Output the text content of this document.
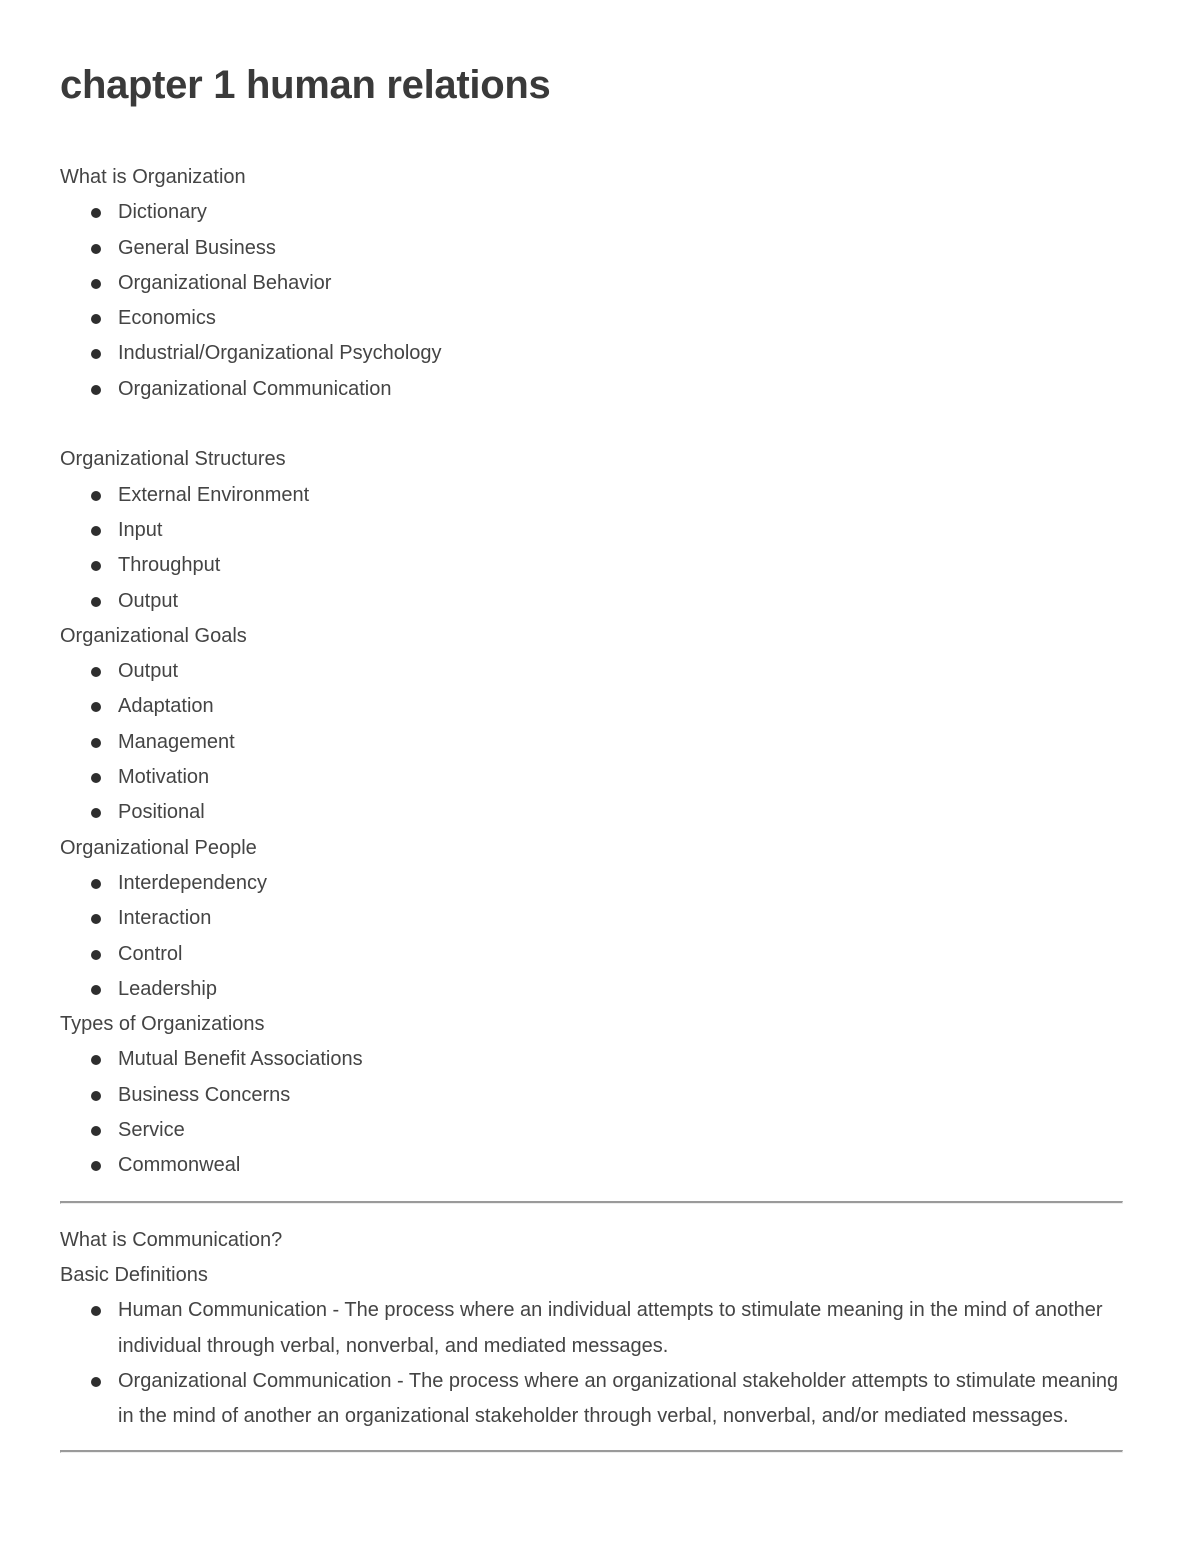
chapter 1 human relations
What is Organization
Dictionary
General Business
Organizational Behavior
Economics
Industrial/Organizational Psychology
Organizational Communication
Organizational Structures
External Environment
Input
Throughput
Output
Organizational Goals
Output
Adaptation
Management
Motivation
Positional
Organizational People
Interdependency
Interaction
Control
Leadership
Types of Organizations
Mutual Benefit Associations
Business Concerns
Service
Commonweal
What is Communication?
Basic Definitions
Human Communication - The process where an individual attempts to stimulate meaning in the mind of another individual through verbal, nonverbal, and mediated messages.
Organizational Communication - The process where an organizational stakeholder attempts to stimulate meaning in the mind of another an organizational stakeholder through verbal, nonverbal, and/or mediated messages.
